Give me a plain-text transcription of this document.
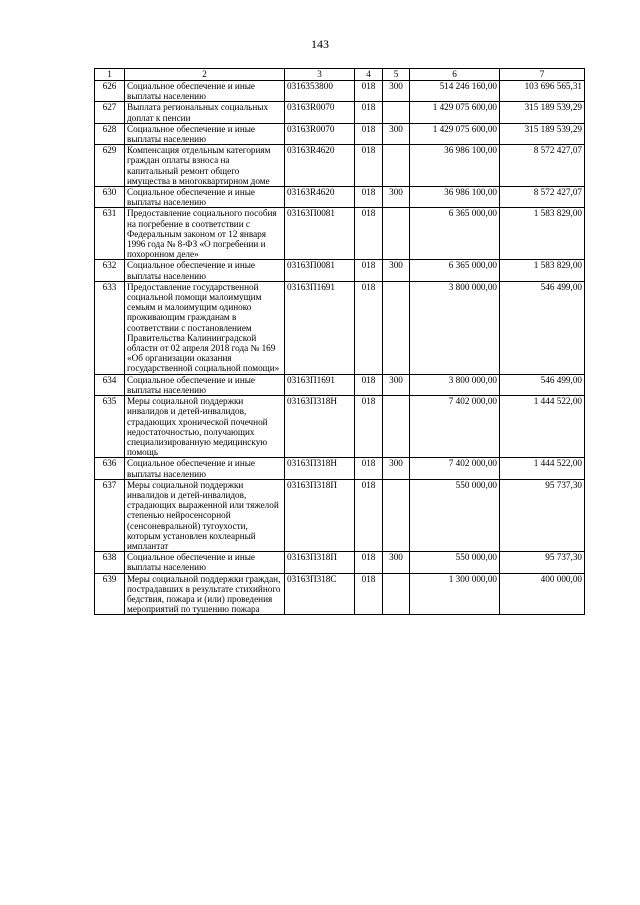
143
1	2	3	4	5	6	7
626	Социальное обеспечение и иные выплаты населению	0316353800	018	300	514 246 160,00	103 696 565,31
627	Выплата региональных социальных доплат к пенсии	03163R0070	018		1 429 075 600,00	315 189 539,29
628	Социальное обеспечение и иные выплаты населению	03163R0070	018	300	1 429 075 600,00	315 189 539,29
629	Компенсация отдельным категориям граждан оплаты взноса на капитальный ремонт общего имущества в многоквартирном доме	03163R4620	018		36 986 100,00	8 572 427,07
630	Социальное обеспечение и иные выплаты населению	03163R4620	018	300	36 986 100,00	8 572 427,07
631	Предоставление социального пособия на погребение в соответствии с Федеральным законом от 12 января 1996 года № 8-ФЗ «О погребении и похоронном деле»	03163П0081	018		6 365 000,00	1 583 829,00
632	Социальное обеспечение и иные выплаты населению	03163П0081	018	300	6 365 000,00	1 583 829,00
633	Предоставление государственной социальной помощи малоимущим семьям и малоимущим одиноко проживающим гражданам в соответствии с постановлением Правительства Калининградской области от 02 апреля 2018 года № 169 «Об организации оказания государственной социальной помощи»	03163П1691	018		3 800 000,00	546 499,00
634	Социальное обеспечение и иные выплаты населению	03163П1691	018	300	3 800 000,00	546 499,00
635	Меры социальной поддержки инвалидов и детей-инвалидов, страдающих хронической почечной недостаточностью, получающих специализированную медицинскую помощь	03163П318Н	018		7 402 000,00	1 444 522,00
636	Социальное обеспечение и иные выплаты населению	03163П318Н	018	300	7 402 000,00	1 444 522,00
637	Меры социальной поддержки инвалидов и детей-инвалидов, страдающих выраженной или тяжелой степенью нейросенсорной (сенсоневральной) тугоухости, которым установлен кохлеарный имплантат	03163П318П	018		550 000,00	95 737,30
638	Социальное обеспечение и иные выплаты населению	03163П318П	018	300	550 000,00	95 737,30
639	Меры социальной поддержки граждан, пострадавших в результате стихийного бедствия, пожара и (или) проведения мероприятий по тушению пожара	03163П318С	018		1 300 000,00	400 000,00
